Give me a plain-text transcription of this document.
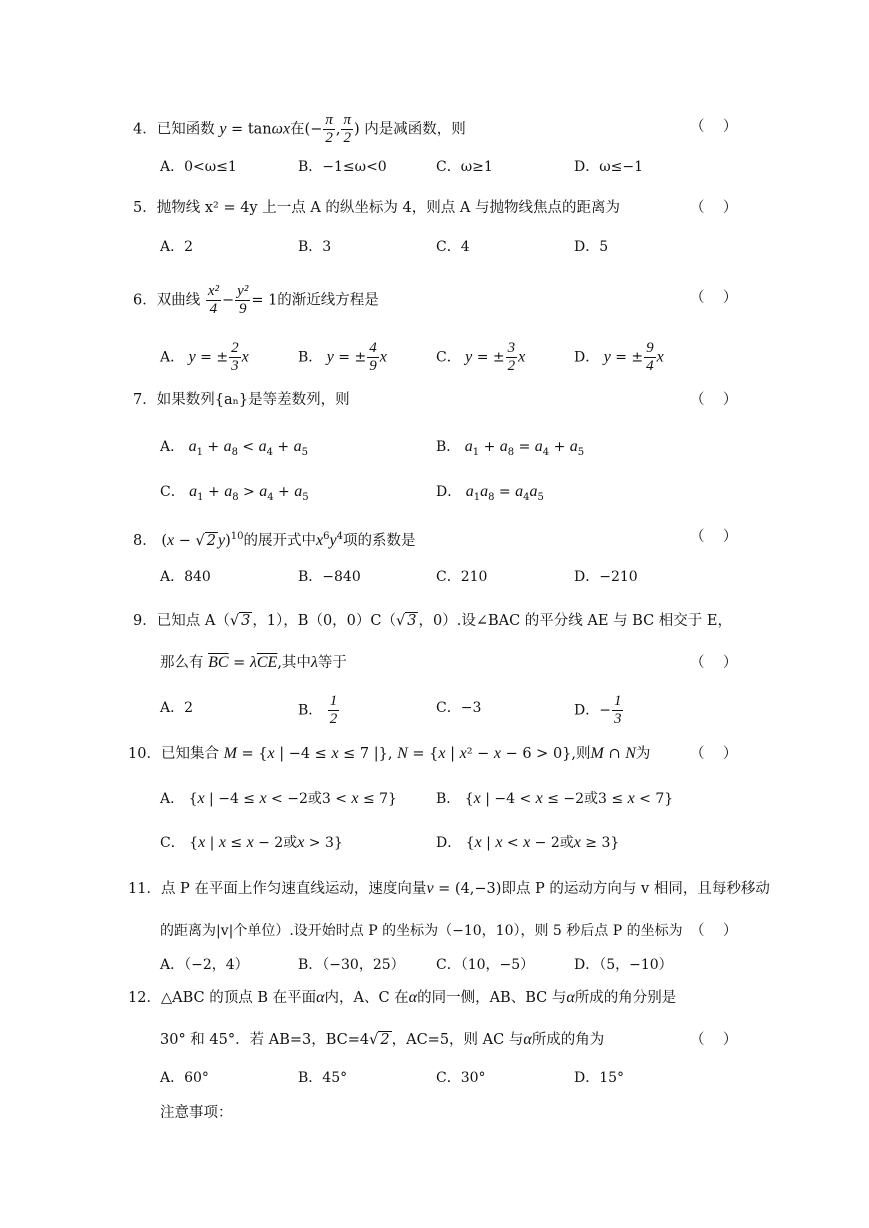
4．已知函数 y = tanωx在(− $\frac{\pi}{2}$ , $\frac{\pi}{2}$ ) 内是减函数，则	（    ）
A．0<ω≤1	B．−1≤ω<0	C．ω≥1	D．ω≤−1
5．抛物线 x² = 4y 上一点 A 的纵坐标为 4，则点 A 与抛物线焦点的距离为	（    ）
A．2	B．3	C．4	D．5
6．双曲线 $\frac{\text{x²}}{4} - \frac{\text{y²}}{9} = 1$的渐近线方程是	（    ）
A． y = ± $\frac{2}{3}$ x	B． y = ± $\frac{4}{9}$ x	C． y = ± $\frac{3}{2}$ x	D． y = ± $\frac{9}{4}$ x
7．如果数列{aₙ}是等差数列，则	（    ）
A． $a_1 + a_8 < a_4 + a_5$	B． $a_1 + a_8 = a_4 + a_5$
C． $a_1 + a_8 > a_4 + a_5$	D． $a_1a_8 = a_4a_5$
8． (x − √ 2 y)$^{10}$的展开式中$x^6y^4$项的系数是	（    ）
A．840	B．−840	C．210	D．−210
9．已知点 A（√ 3 ，1），B（0，0）C（√ 3 ，0）.设∠BAC 的平分线 AE 与 BC 相交于 E，
那么有 $\overline{BC} = \lambda\overline{CE}$,其中λ等于	（    ）
A．2	B． $\frac{1}{2}$	C．−3	D．− $\frac{1}{3}$
10．已知集合 M = {x | −4 ≤ x ≤ 7 |}, N = {x | x² − x − 6 > 0},则M ∩ N为	（    ）
A． {x | −4 ≤ x < −2或3 < x ≤ 7}	B． {x | −4 < x ≤ −2或3 ≤ x < 7}
C． {x | x ≤ x − 2或x > 3}	D． {x | x < x − 2或x ≥ 3}
11．点 P 在平面上作匀速直线运动，速度向量v = (4,−3)即点 P 的运动方向与 v 相同，且每秒移动
的距离为|v|个单位）.设开始时点 P 的坐标为（−10，10），则 5 秒后点 P 的坐标为 （    ）
A．（−2，4）	B．（−30，25） C．（10，−5）	D．（5，−10）
12．△ABC 的顶点 B 在平面α内，A、C 在α的同一侧，AB、BC 与α所成的角分别是
30° 和 45°．若 AB=3，BC=4√ 2 ，AC=5，则 AC 与α所成的角为	（    ）
A．60°	B．45°	C．30°	D．15°
注意事项：
